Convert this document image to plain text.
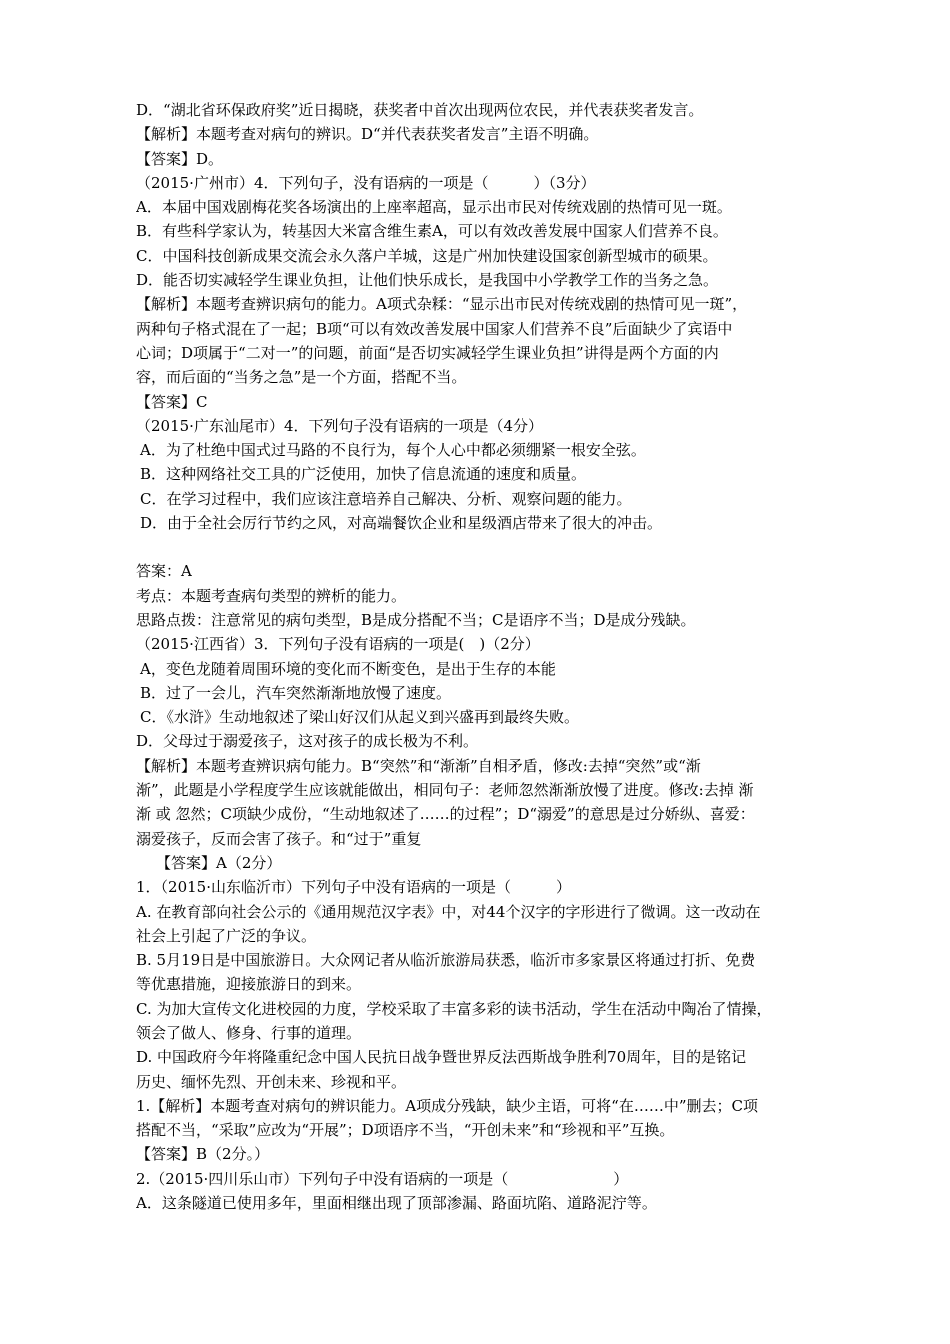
D．“湖北省环保政府奖”近日揭晓，获奖者中首次出现两位农民，并代表获奖者发言。
【解析】本题考查对病句的辨识。D“并代表获奖者发言”主语不明确。
【答案】D。
（2015·广州市）4．下列句子，没有语病的一项是（　　　）（3分）
A．本届中国戏剧梅花奖各场演出的上座率超高，显示出市民对传统戏剧的热情可见一斑。
B．有些科学家认为，转基因大米富含维生素A，可以有效改善发展中国家人们营养不良。
C．中国科技创新成果交流会永久落户羊城，这是广州加快建设国家创新型城市的硕果。
D．能否切实减轻学生课业负担，让他们快乐成长，是我国中小学教学工作的当务之急。
【解析】本题考查辨识病句的能力。A项式杂糅：“显示出市民对传统戏剧的热情可见一斑”，
两种句子格式混在了一起；B项“可以有效改善发展中国家人们营养不良”后面缺少了宾语中
心词；D项属于“二对一”的问题，前面“是否切实减轻学生课业负担”讲得是两个方面的内
容，而后面的“当务之急”是一个方面，搭配不当。
【答案】C
（2015·广东汕尾市）4．下列句子没有语病的一项是（4分）
A．为了杜绝中国式过马路的不良行为，每个人心中都必须绷紧一根安全弦。
B．这种网络社交工具的广泛使用，加快了信息流通的速度和质量。
C．在学习过程中，我们应该注意培养自己解决、分析、观察问题的能力。
D．由于全社会厉行节约之风，对高端餐饮企业和星级酒店带来了很大的冲击。
答案：A
考点：本题考查病句类型的辨析的能力。
思路点拨：注意常见的病句类型，B是成分搭配不当；C是语序不当；D是成分残缺。
（2015·江西省）3．下列句子没有语病的一项是(　)（2分）
A，变色龙随着周围环境的变化而不断变色，是出于生存的本能
B．过了一会儿，汽车突然渐渐地放慢了速度。
C．《水浒》生动地叙述了梁山好汉们从起义到兴盛再到最终失败。
D．父母过于溺爱孩子，这对孩子的成长极为不利。
【解析】本题考查辨识病句能力。B“突然”和“渐渐”自相矛盾，修改:去掉“突然”或“渐
渐”，此题是小学程度学生应该就能做出，相同句子：老师忽然渐渐放慢了进度。修改:去掉 渐
渐 或 忽然；C项缺少成份，“生动地叙述了……的过程”；D“溺爱”的意思是过分娇纵、喜爱：
溺爱孩子，反而会害了孩子。和“过于”重复
【答案】A（2分）
1．（2015·山东临沂市）下列句子中没有语病的一项是（　　　）
A. 在教育部向社会公示的《通用规范汉字表》中，对44个汉字的字形进行了微调。这一改动在
社会上引起了广泛的争议。
B. 5月19日是中国旅游日。大众网记者从临沂旅游局获悉，临沂市多家景区将通过打折、免费
等优惠措施，迎接旅游日的到来。
C. 为加大宣传文化进校园的力度，学校采取了丰富多彩的读书活动，学生在活动中陶冶了情操，
领会了做人、修身、行事的道理。
D. 中国政府今年将隆重纪念中国人民抗日战争暨世界反法西斯战争胜利70周年，目的是铭记
历史、缅怀先烈、开创未来、珍视和平。
1.【解析】本题考查对病句的辨识能力。A项成分残缺，缺少主语，可将“在……中”删去；C项
搭配不当，“采取”应改为“开展”；D项语序不当，“开创未来”和“珍视和平”互换。
【答案】B（2分。）
2.（2015·四川乐山市）下列句子中没有语病的一项是（　　　　　　　）
A．这条隧道已使用多年，里面相继出现了顶部渗漏、路面坑陷、道路泥泞等。
